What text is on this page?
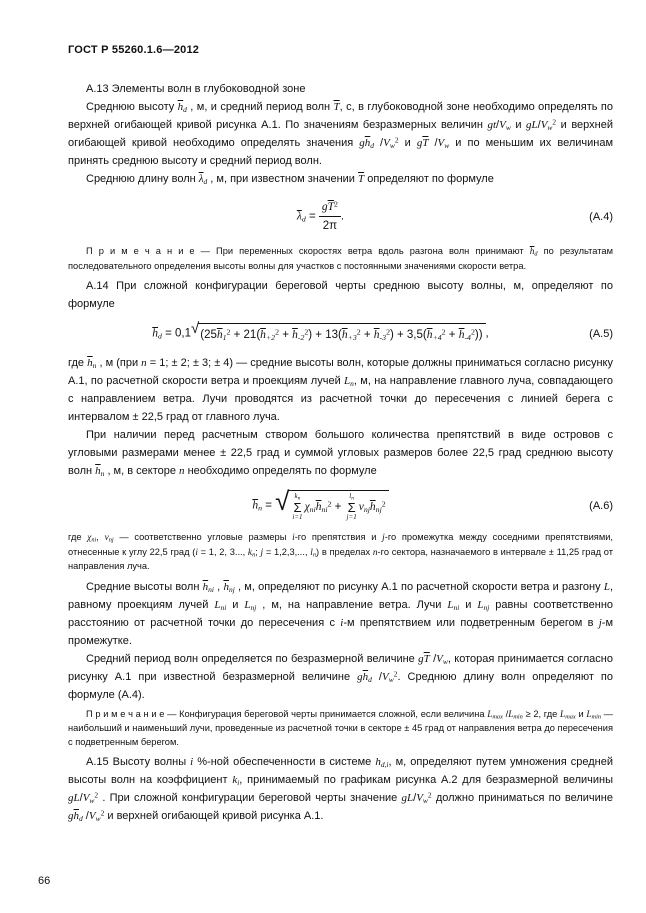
ГОСТ Р 55260.1.6—2012

А.13 Элементы волн в глубоководной зоне

Среднюю высоту $\overline{h}_d$ , м, и средний период волн $\overline{T}$, с, в глубоководной зоне необходимо определять по верхней огибающей кривой рисунка А.1. По значениям безразмерных величин $gt/V_w$ и $gL/V_w^2$ и верхней огибающей кривой необходимо определять значения $g\overline{h}_d$ $/V_w^2$ и $g\overline{T}$ $/V_w$ и по меньшим их величинам принять среднюю высоту и средний период волн.

Среднюю длину волн $\overline{\lambda}_d$ , м, при известном значении $\overline{T}$ определяют по формуле

$\overline{\lambda}_d = \frac{g\overline{T}^2}{2\pi}$ .	(А.4)

П р и м е ч а н и е — При переменных скоростях ветра вдоль разгона волн принимают $\overline{h}_d$ по результатам последовательного определения высоты волны для участков с постоянными значениями скорости ветра.

А.14 При сложной конфигурации береговой черты среднюю высоту волны, м, определяют по формуле

$\overline{h}_d = 0,1$ √ $(25\overline{h}_1^2 + 21(\overline{h}_{+2}^2 + \overline{h}_{-2}^2) + 13(\overline{h}_{+3}^2 + \overline{h}_{-3}^2) + 3,5(\overline{h}_{+4}^2 + \overline{h}_{-4}^2))$ ,	(А.5)

где $\overline{h}_n$ , м (при n = 1; ± 2; ± 3; ± 4) — средние высоты волн, которые должны приниматься согласно рисунку А.1, по расчетной скорости ветра и проекциям лучей $L_n$, м, на направление главного луча, совпадающего с направлением ветра. Лучи проводятся из расчетной точки до пересечения с линией берега с интервалом ± 22,5 град от главного луча.

При наличии перед расчетным створом большого количества препятствий в виде островов с угловыми размерами менее ± 22,5 град и суммой угловых размеров более 22,5 град среднюю высоту волн $\overline{h}_n$ , м, в секторе n необходимо определять по формуле

$\overline{h}_n$ = √ $k_n$
Σ
i=1
$\chi_{ni}\overline{h}_{ni}^2$ +
$l_n$
Σ
j=1
$\nu_{nj}\overline{h}_{nj}^2$	(А.6)

где $\chi_{ni}$, $\nu_{nj}$ — соответственно угловые размеры i-го препятствия и j-го промежутка между соседними препятствиями, отнесенные к углу 22,5 град (i = 1, 2, 3..., $k_n$; j = 1,2,3,..., $l_n$) в пределах n-го сектора, назначаемого в интервале ± 11,25 град от направления луча.

Средние высоты волн $\overline{h}_{ni}$ , $\overline{h}_{nj}$ , м, определяют по рисунку А.1 по расчетной скорости ветра и разгону L, равному проекциям лучей $L_{ni}$ и $L_{nj}$ , м, на направление ветра. Лучи $L_{ni}$ и $L_{nj}$ равны соответственно расстоянию от расчетной точки до пересечения с i-м препятствием или подветренным берегом в j-м промежутке.

Средний период волн определяется по безразмерной величине $g\overline{T}$ $/V_w$, которая принимается согласно рисунку А.1 при известной безразмерной величине $g\overline{h}_d$ $/V_w^2$. Среднюю длину волн определяют по формуле (А.4).

П р и м е ч а н и е — Конфигурация береговой черты принимается сложной, если величина $L_{max}$ $/L_{min} \ge 2$, где $L_{max}$ и $L_{min}$ — наибольший и наименьший лучи, проведенные из расчетной точки в секторе ± 45 град от направления ветра до пересечения с подветренным берегом.

А.15 Высоту волны i %-ной обеспеченности в системе $h_{d,i}$, м, определяют путем умножения средней высоты волн на коэффициент $k_i$, принимаемый по графикам рисунка А.2 для безразмерной величины $gL/V_w^2$ . При сложной конфигурации береговой черты значение $gL/V_w^2$ должно приниматься по величине $g\overline{h}_d$ $/V_w^2$ и верхней огибающей кривой рисунка А.1.

66
